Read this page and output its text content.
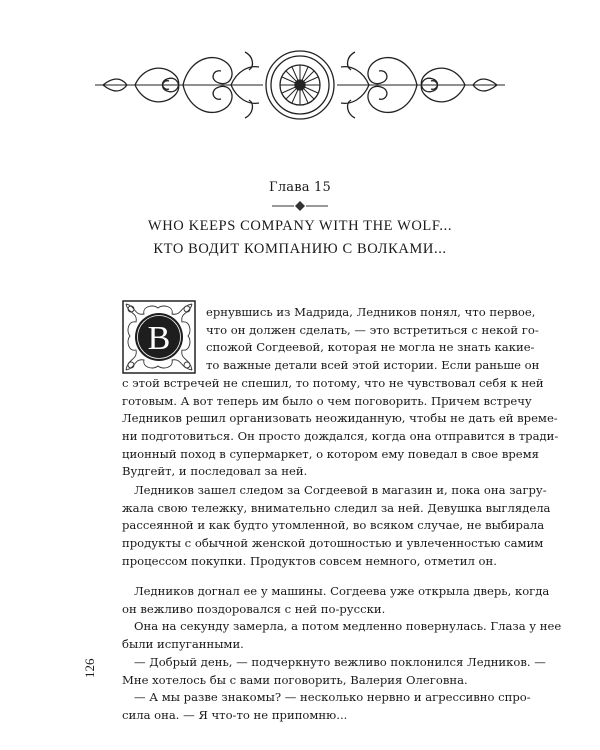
Глава 15
WHO KEEPS COMPANY WITH THE WOLF...
КТО ВОДИТ КОМПАНИЮ С ВОЛКАМИ...
В
ернувшись из Мадрида, Ледников понял, что первое,
что он должен сделать, — это встретиться с некой го-
спожой Согдеевой, которая не могла не знать какие-
то важные детали всей этой истории. Если раньше он
с этой встречей не спешил, то потому, что не чувствовал себя к ней
готовым. А вот теперь им было о чем поговорить. Причем встречу
Ледников решил организовать неожиданную, чтобы не дать ей време-
ни подготовиться. Он просто дождался, когда она отправится в тради-
ционный поход в супермаркет, о котором ему поведал в свое время
Вудгейт, и последовал за ней.
Ледников зашел следом за Согдеевой в магазин и, пока она загру-
жала свою тележку, внимательно следил за ней. Девушка выглядела
рассеянной и как будто утомленной, во всяком случае, не выбирала
продукты с обычной женской дотошностью и увлеченностью самим
процессом покупки. Продуктов совсем немного, отметил он.
Ледников догнал ее у машины. Согдеева уже открыла дверь, когда
он вежливо поздоровался с ней по-русски.
Она на секунду замерла, а потом медленно повернулась. Глаза у нее
были испуганными.
— Добрый день, — подчеркнуто вежливо поклонился Ледников. —
Мне хотелось бы с вами поговорить, Валерия Олеговна.
— А мы разве знакомы? — несколько нервно и агрессивно спро-
сила она. — Я что-то не припомню...
126
